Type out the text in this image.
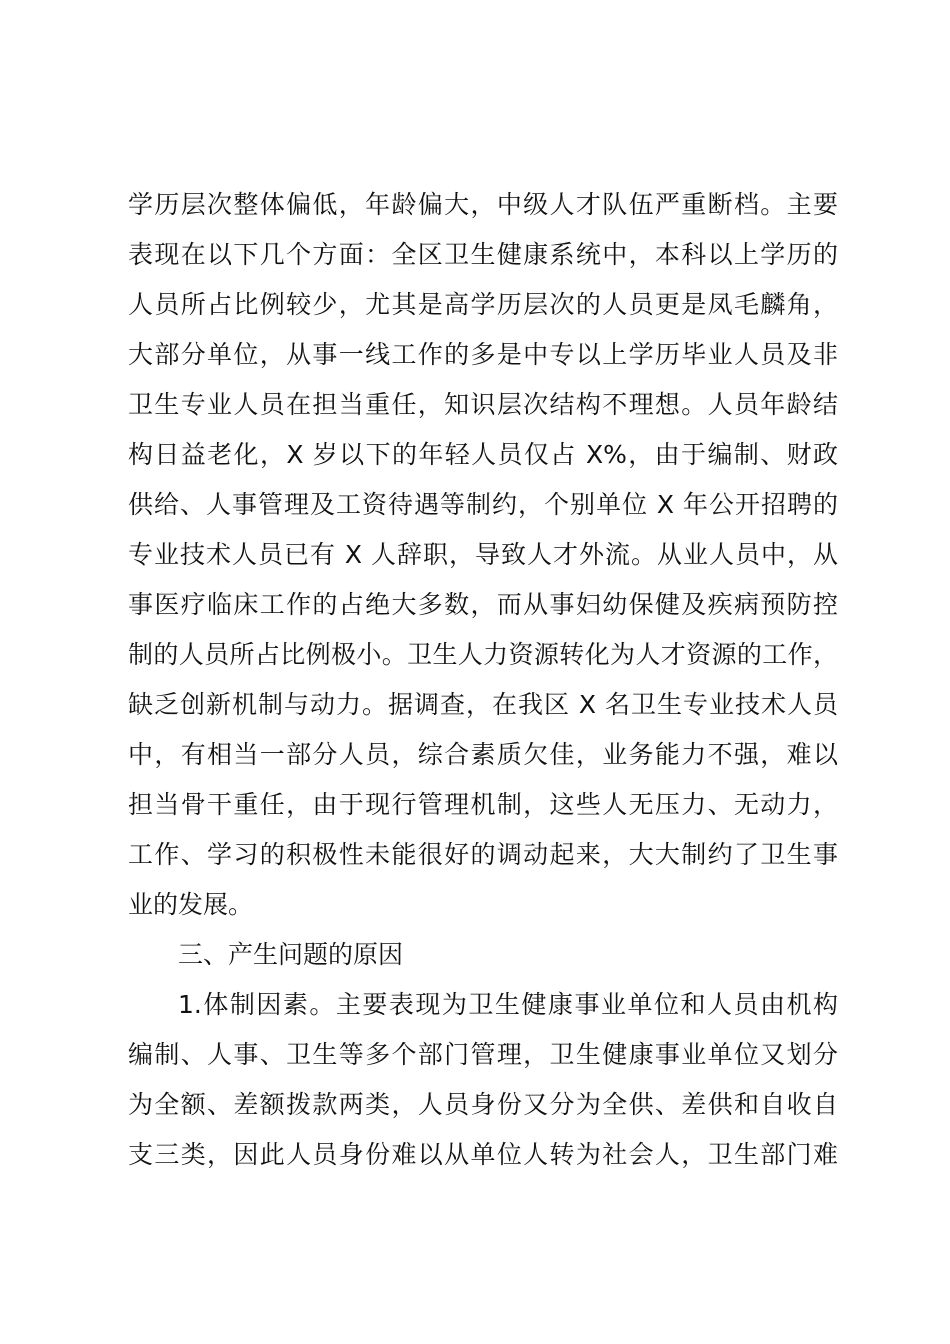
学历层次整体偏低，年龄偏大，中级人才队伍严重断档。主要
表现在以下几个方面：全区卫生健康系统中，本科以上学历的
人员所占比例较少，尤其是高学历层次的人员更是凤毛麟角，
大部分单位，从事一线工作的多是中专以上学历毕业人员及非
卫生专业人员在担当重任，知识层次结构不理想。人员年龄结
构日益老化，X 岁以下的年轻人员仅占 X%，由于编制、财政
供给、人事管理及工资待遇等制约，个别单位 X 年公开招聘的
专业技术人员已有 X 人辞职，导致人才外流。从业人员中，从
事医疗临床工作的占绝大多数，而从事妇幼保健及疾病预防控
制的人员所占比例极小。卫生人力资源转化为人才资源的工作，
缺乏创新机制与动力。据调查，在我区 X 名卫生专业技术人员
中，有相当一部分人员，综合素质欠佳，业务能力不强，难以
担当骨干重任，由于现行管理机制，这些人无压力、无动力，
工作、学习的积极性未能很好的调动起来，大大制约了卫生事
业的发展。
三、产生问题的原因
1.体制因素。主要表现为卫生健康事业单位和人员由机构
编制、人事、卫生等多个部门管理，卫生健康事业单位又划分
为全额、差额拨款两类，人员身份又分为全供、差供和自收自
支三类，因此人员身份难以从单位人转为社会人，卫生部门难
